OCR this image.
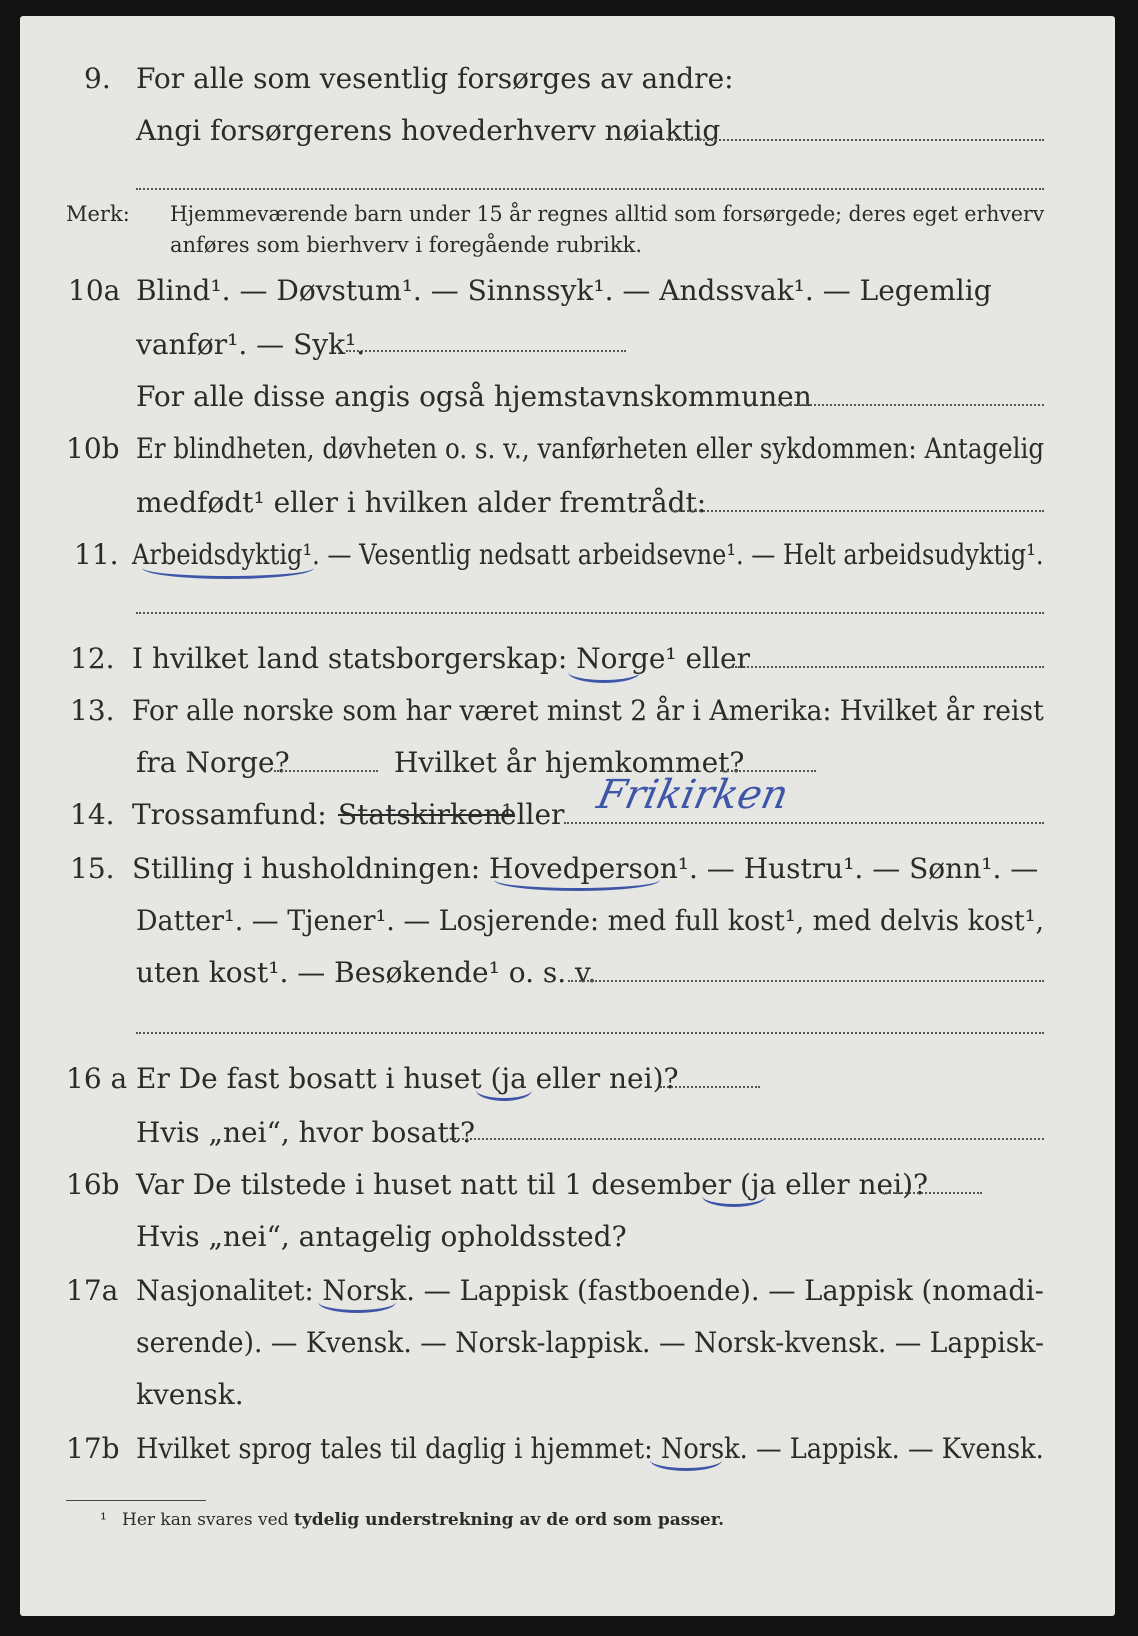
9. For alle som vesentlig forsørges av andre:
Angi forsørgerens hovederhverv nøiaktig
Merk: Hjemmeværende barn under 15 år regnes alltid som forsørgede; deres eget erhverv
anføres som bierhverv i foregående rubrikk.
10a Blind¹. — Døvstum¹. — Sinnssyk¹. — Andssvak¹. — Legemlig
vanfør¹. — Syk¹.
For alle disse angis også hjemstavnskommunen
10b Er blindheten, døvheten o. s. v., vanførheten eller sykdommen: Antagelig
medfødt¹ eller i hvilken alder fremtrådt:
11. Arbeidsdyktig¹. — Vesentlig nedsatt arbeidsevne¹. — Helt arbeidsudyktig¹.
12. I hvilket land statsborgerskap: Norge¹ eller
13. For alle norske som har været minst 2 år i Amerika: Hvilket år reist
fra Norge?	Hvilket år hjemkommet?
14. Trossamfund: Statskirken¹
eller Frikirken
15. Stilling i husholdningen: Hovedperson¹. — Hustru¹. — Sønn¹. —
Datter¹. — Tjener¹. — Losjerende: med full kost¹, med delvis kost¹,
uten kost¹. — Besøkende¹ o. s. v.
16 a Er De fast bosatt i huset (ja eller nei)?
Hvis „nei“, hvor bosatt?
16b Var De tilstede i huset natt til 1 desember (ja eller nei)?
Hvis „nei“, antagelig opholdssted?
17a Nasjonalitet: Norsk. — Lappisk (fastboende). — Lappisk (nomadi-
serende). — Kvensk. — Norsk-lappisk. — Norsk-kvensk. — Lappisk-
kvensk.
17b Hvilket sprog tales til daglig i hjemmet: Norsk. — Lappisk. — Kvensk.
¹ Her kan svares ved tydelig understrekning av de ord som passer.
